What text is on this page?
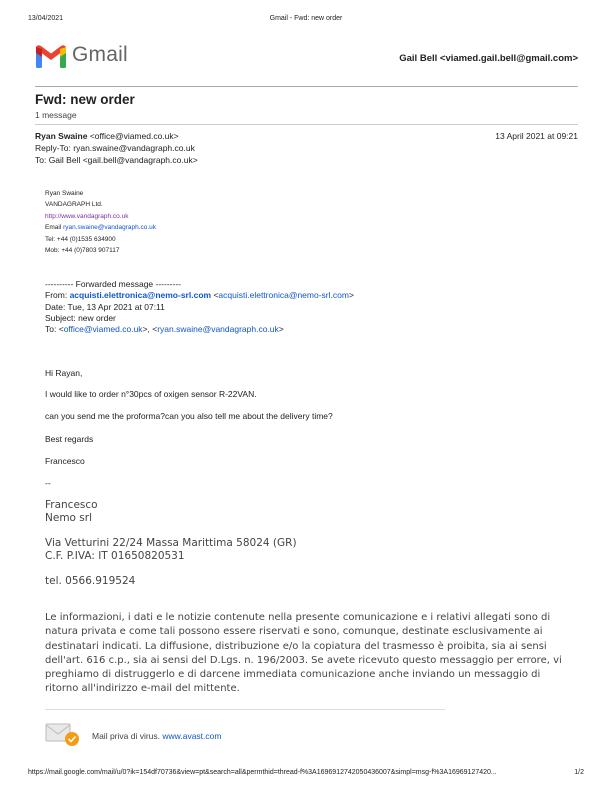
13/04/2021	Gmail - Fwd: new order
Gmail	Gail Bell <viamed.gail.bell@gmail.com>
Fwd: new order
1 message
Ryan Swaine <office@viamed.co.uk>	13 April 2021 at 09:21
Reply-To: ryan.swaine@vandagraph.co.uk
To: Gail Bell <gail.bell@vandagraph.co.uk>
Ryan Swaine
VANDAGRAPH Ltd.
http://www.vandagraph.co.uk
Email ryan.swaine@vandagraph.co.uk
Tel: +44 (0)1535 634900
Mob: +44 (0)7803 907117
---------- Forwarded message ---------
From: acquisti.elettronica@nemo-srl.com <acquisti.elettronica@nemo-srl.com>
Date: Tue, 13 Apr 2021 at 07:11
Subject: new order
To: <office@viamed.co.uk>, <ryan.swaine@vandagraph.co.uk>
Hi Rayan,
I would like to order n°30pcs of oxigen sensor R-22VAN.
can you send me the proforma?can you also tell me about the delivery time?
Best regards
Francesco
--
Francesco
Nemo srl
Via Vetturini 22/24 Massa Marittima 58024 (GR)
C.F. P.IVA: IT 01650820531
tel. 0566.919524
Le informazioni, i dati e le notizie contenute nella presente comunicazione e i relativi allegati sono di natura privata e come tali possono essere riservati e sono, comunque, destinate esclusivamente ai destinatari indicati. La diffusione, distribuzione e/o la copiatura del trasmesso è proibita, sia ai sensi dell'art. 616 c.p., sia ai sensi del D.Lgs. n. 196/2003. Se avete ricevuto questo messaggio per errore, vi preghiamo di distruggerlo e di darcene immediata comunicazione anche inviando un messaggio di ritorno all'indirizzo e-mail del mittente.
Mail priva di virus. www.avast.com
https://mail.google.com/mail/u/0?ik=154df70736&view=pt&search=all&permthid=thread-f%3A1696912742050436007&simpl=msg-f%3A16969127420...	1/2
